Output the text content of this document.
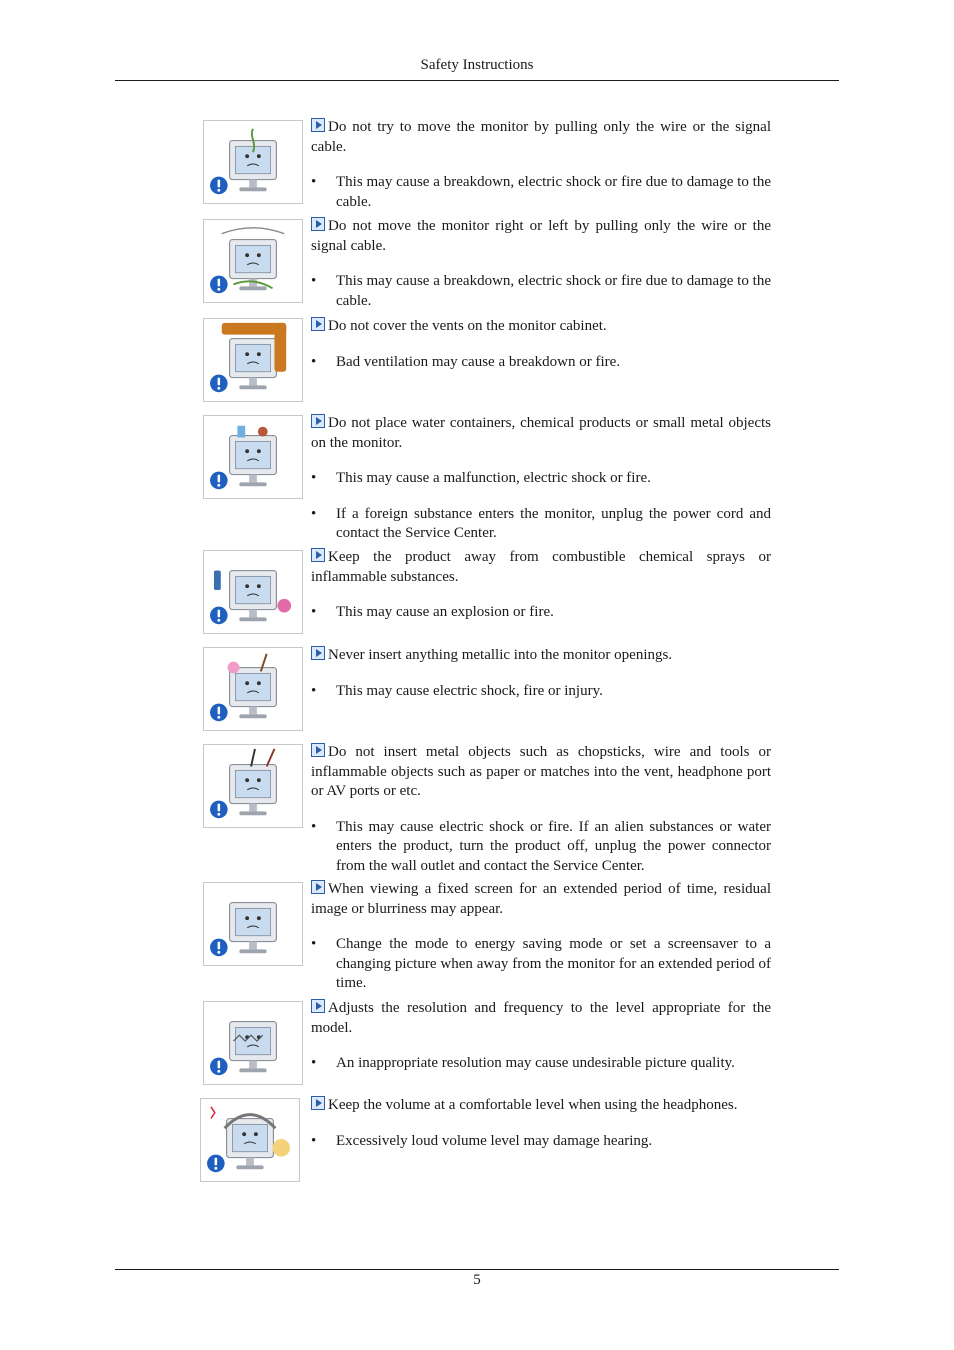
Safety Instructions

Do not try to move the monitor by pulling only the wire or the signal cable.

• This may cause a breakdown, electric shock or fire due to damage to the cable.

Do not move the monitor right or left by pulling only the wire or the signal cable.

• This may cause a breakdown, electric shock or fire due to damage to the cable.

Do not cover the vents on the monitor cabinet.

• Bad ventilation may cause a breakdown or fire.

Do not place water containers, chemical products or small metal objects on the monitor.

• This may cause a malfunction, electric shock or fire.
• If a foreign substance enters the monitor, unplug the power cord and contact the Service Center.

Keep the product away from combustible chemical sprays or inflammable substances.

• This may cause an explosion or fire.

Never insert anything metallic into the monitor openings.

• This may cause electric shock, fire or injury.

Do not insert metal objects such as chopsticks, wire and tools or inflammable objects such as paper or matches into the vent, headphone port or AV ports or etc.

• This may cause electric shock or fire. If an alien substances or water enters the product, turn the product off, unplug the power connector from the wall outlet and contact the Service Center.

When viewing a fixed screen for an extended period of time, residual image or blurriness may appear.

• Change the mode to energy saving mode or set a screensaver to a changing picture when away from the monitor for an extended period of time.

Adjusts the resolution and frequency to the level appropriate for the model.

• An inappropriate resolution may cause undesirable picture quality.

Keep the volume at a comfortable level when using the headphones.

• Excessively loud volume level may damage hearing.
5
